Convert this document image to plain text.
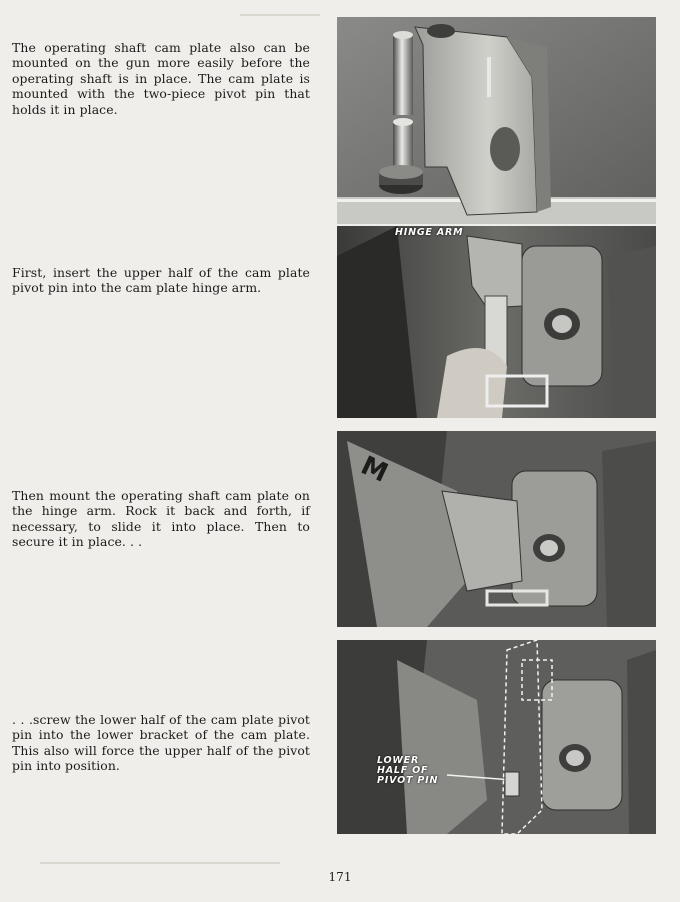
The operating shaft cam plate also can be mounted on the gun more easily before the operating shaft is in place. The cam plate is mounted with the two-piece pivot pin that holds it in place.

First, insert the upper half of the cam plate pivot pin into the cam plate hinge arm.

Then mount the operating shaft cam plate on the hinge arm. Rock it back and forth, if necessary, to slide it into place. Then to secure it in place. . .

. . .screw the lower half of the cam plate pivot pin into the lower bracket of the cam plate. This also will force the upper half of the pivot pin into position.

HINGE ARM
M
LOWER
HALF OF
PIVOT PIN
171
